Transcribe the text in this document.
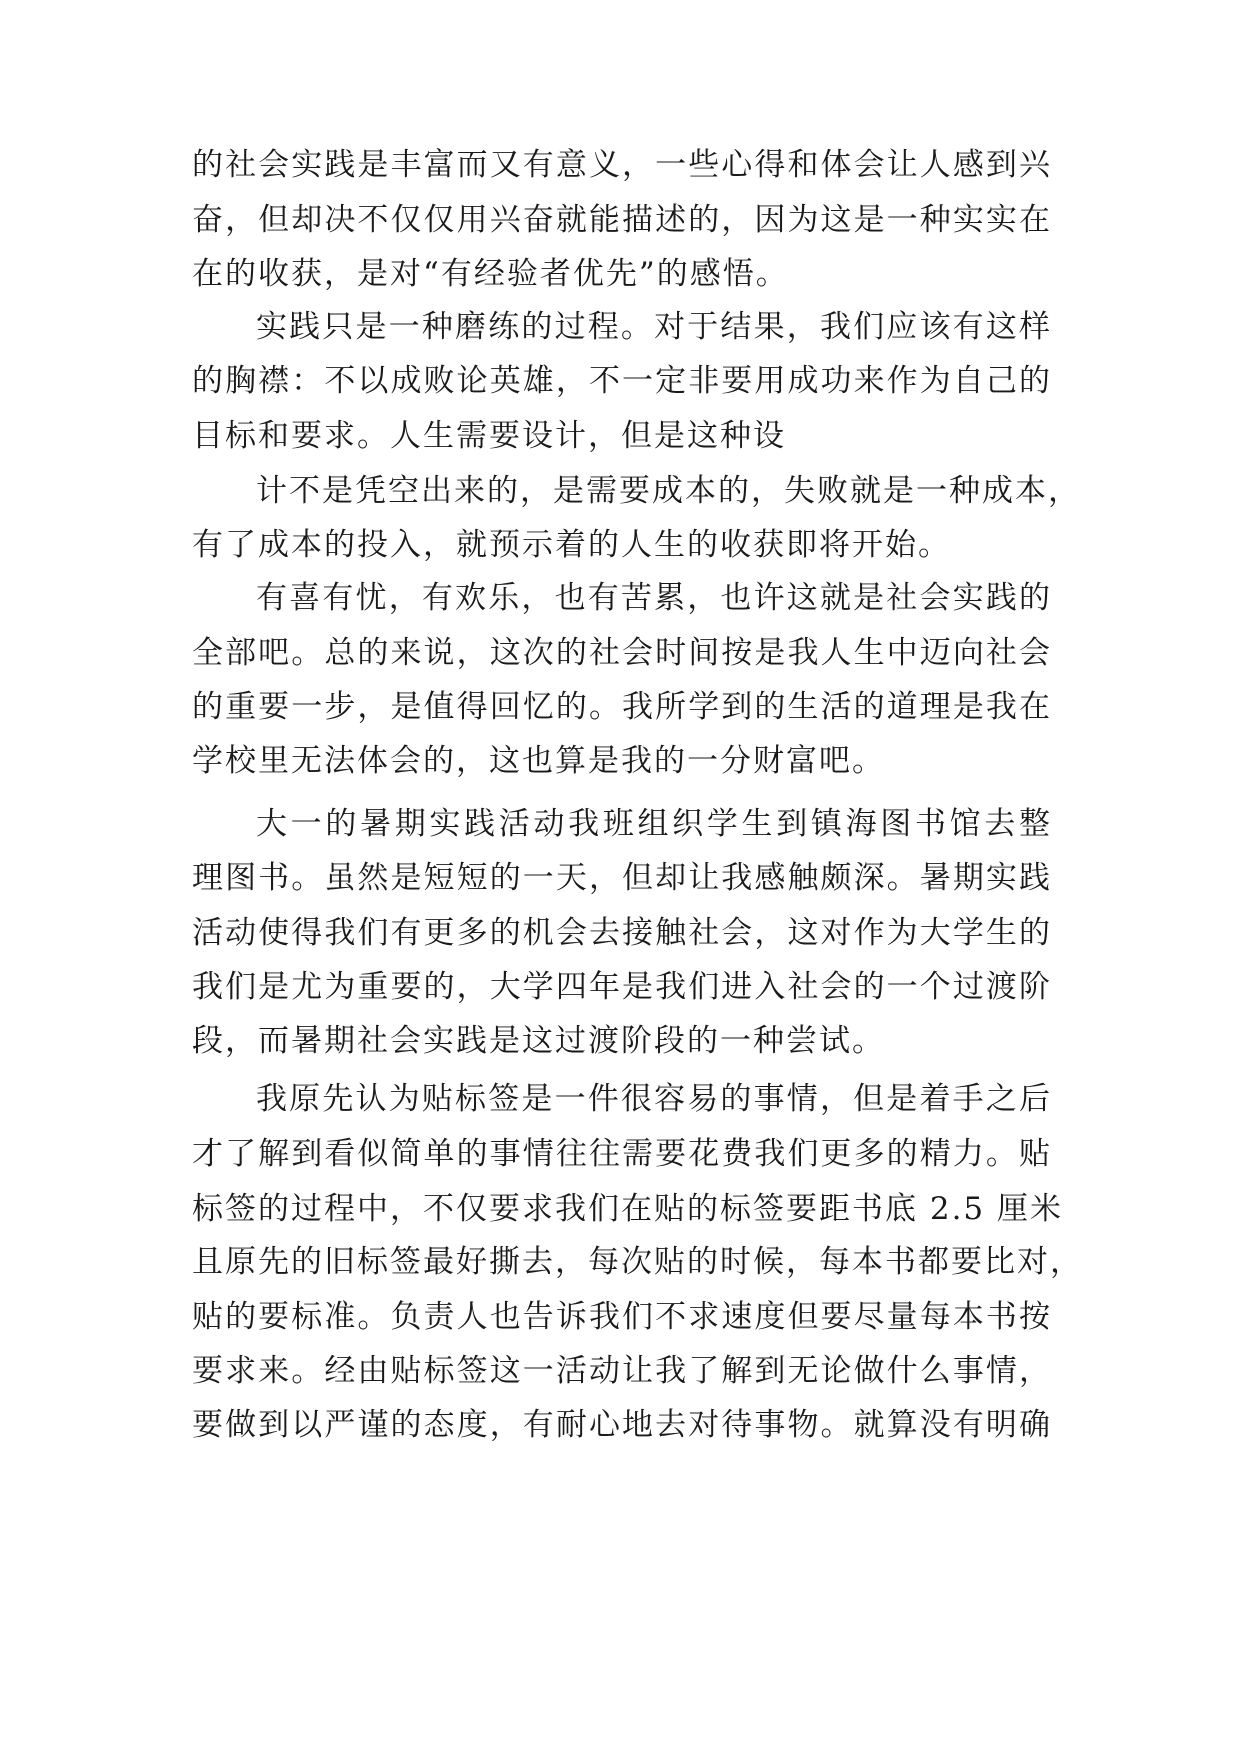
的社会实践是丰富而又有意义，一些心得和体会让人感到兴
奋，但却决不仅仅用兴奋就能描述的，因为这是一种实实在
在的收获，是对“有经验者优先”的感悟。
实践只是一种磨练的过程。对于结果，我们应该有这样
的胸襟：不以成败论英雄，不一定非要用成功来作为自己的
目标和要求。人生需要设计，但是这种设
计不是凭空出来的，是需要成本的，失败就是一种成本，
有了成本的投入，就预示着的人生的收获即将开始。
有喜有忧，有欢乐，也有苦累，也许这就是社会实践的
全部吧。总的来说，这次的社会时间按是我人生中迈向社会
的重要一步，是值得回忆的。我所学到的生活的道理是我在
学校里无法体会的，这也算是我的一分财富吧。
大一的暑期实践活动我班组织学生到镇海图书馆去整
理图书。虽然是短短的一天，但却让我感触颇深。暑期实践
活动使得我们有更多的机会去接触社会，这对作为大学生的
我们是尤为重要的，大学四年是我们进入社会的一个过渡阶
段，而暑期社会实践是这过渡阶段的一种尝试。
我原先认为贴标签是一件很容易的事情，但是着手之后
才了解到看似简单的事情往往需要花费我们更多的精力。贴
标签的过程中，不仅要求我们在贴的标签要距书底 2.5 厘米
且原先的旧标签最好撕去，每次贴的时候，每本书都要比对，
贴的要标准。负责人也告诉我们不求速度但要尽量每本书按
要求来。经由贴标签这一活动让我了解到无论做什么事情，
要做到以严谨的态度，有耐心地去对待事物。就算没有明确
